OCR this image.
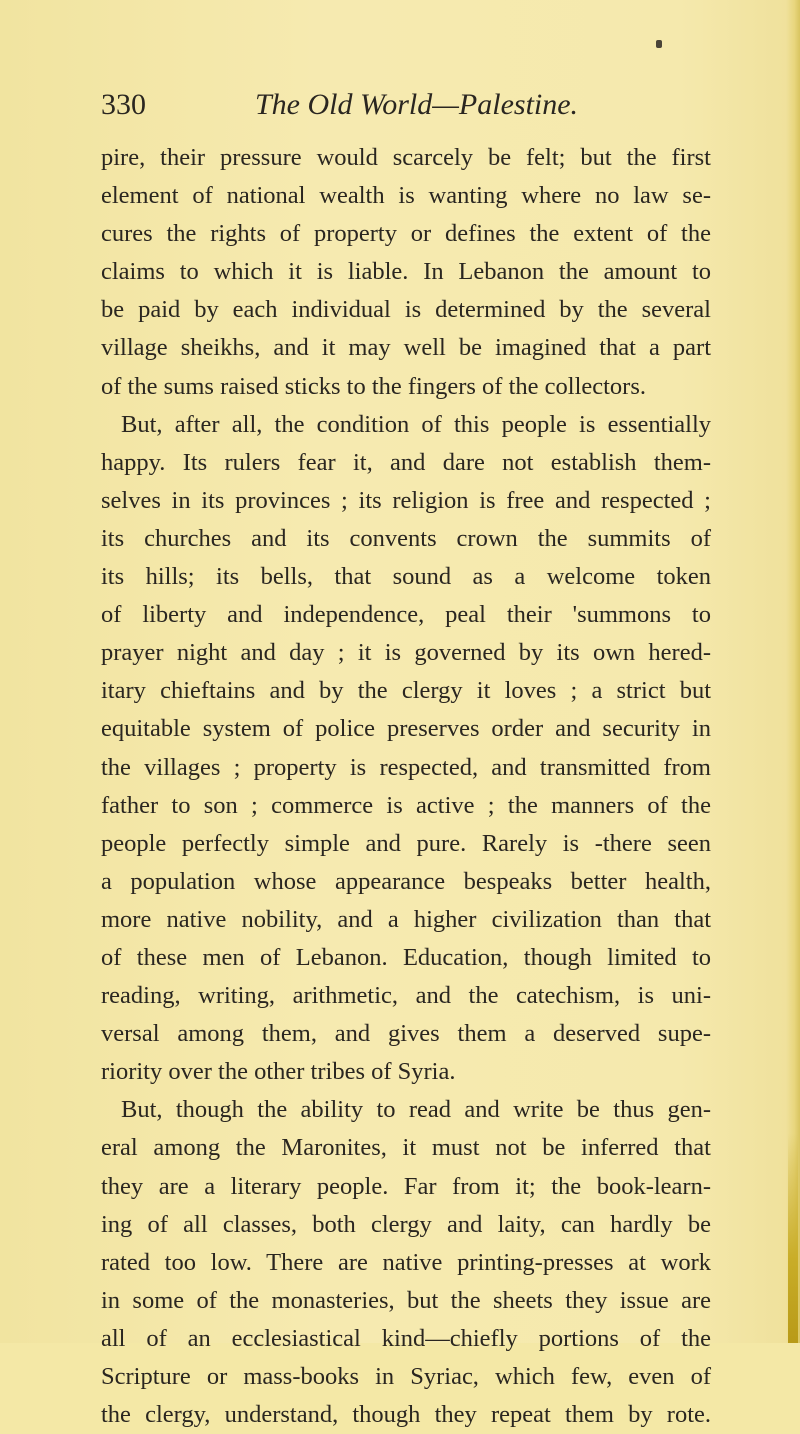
330	The Old World—Palestine.
pire, their pressure would scarcely be felt; but the first
element of national wealth is wanting where no law se-
cures the rights of property or defines the extent of the
claims to which it is liable. In Lebanon the amount to
be paid by each individual is determined by the several
village sheikhs, and it may well be imagined that a part
of the sums raised sticks to the fingers of the collectors.
But, after all, the condition of this people is essentially
happy. Its rulers fear it, and dare not establish them-
selves in its provinces ; its religion is free and respected ;
its churches and its convents crown the summits of
its hills; its bells, that sound as a welcome token
of liberty and independence, peal their 'summons to
prayer night and day ; it is governed by its own hered-
itary chieftains and by the clergy it loves ; a strict but
equitable system of police preserves order and security in
the villages ; property is respected, and transmitted from
father to son ; commerce is active ; the manners of the
people perfectly simple and pure. Rarely is -there seen
a population whose appearance bespeaks better health,
more native nobility, and a higher civilization than that
of these men of Lebanon. Education, though limited to
reading, writing, arithmetic, and the catechism, is uni-
versal among them, and gives them a deserved supe-
riority over the other tribes of Syria.
But, though the ability to read and write be thus gen-
eral among the Maronites, it must not be inferred that
they are a literary people. Far from it; the book-learn-
ing of all classes, both clergy and laity, can hardly be
rated too low. There are native printing-presses at work
in some of the monasteries, but the sheets they issue are
all of an ecclesiastical kind—chiefly portions of the
Scripture or mass-books in Syriac, which few, even of
the clergy, understand, though they repeat them by rote.
